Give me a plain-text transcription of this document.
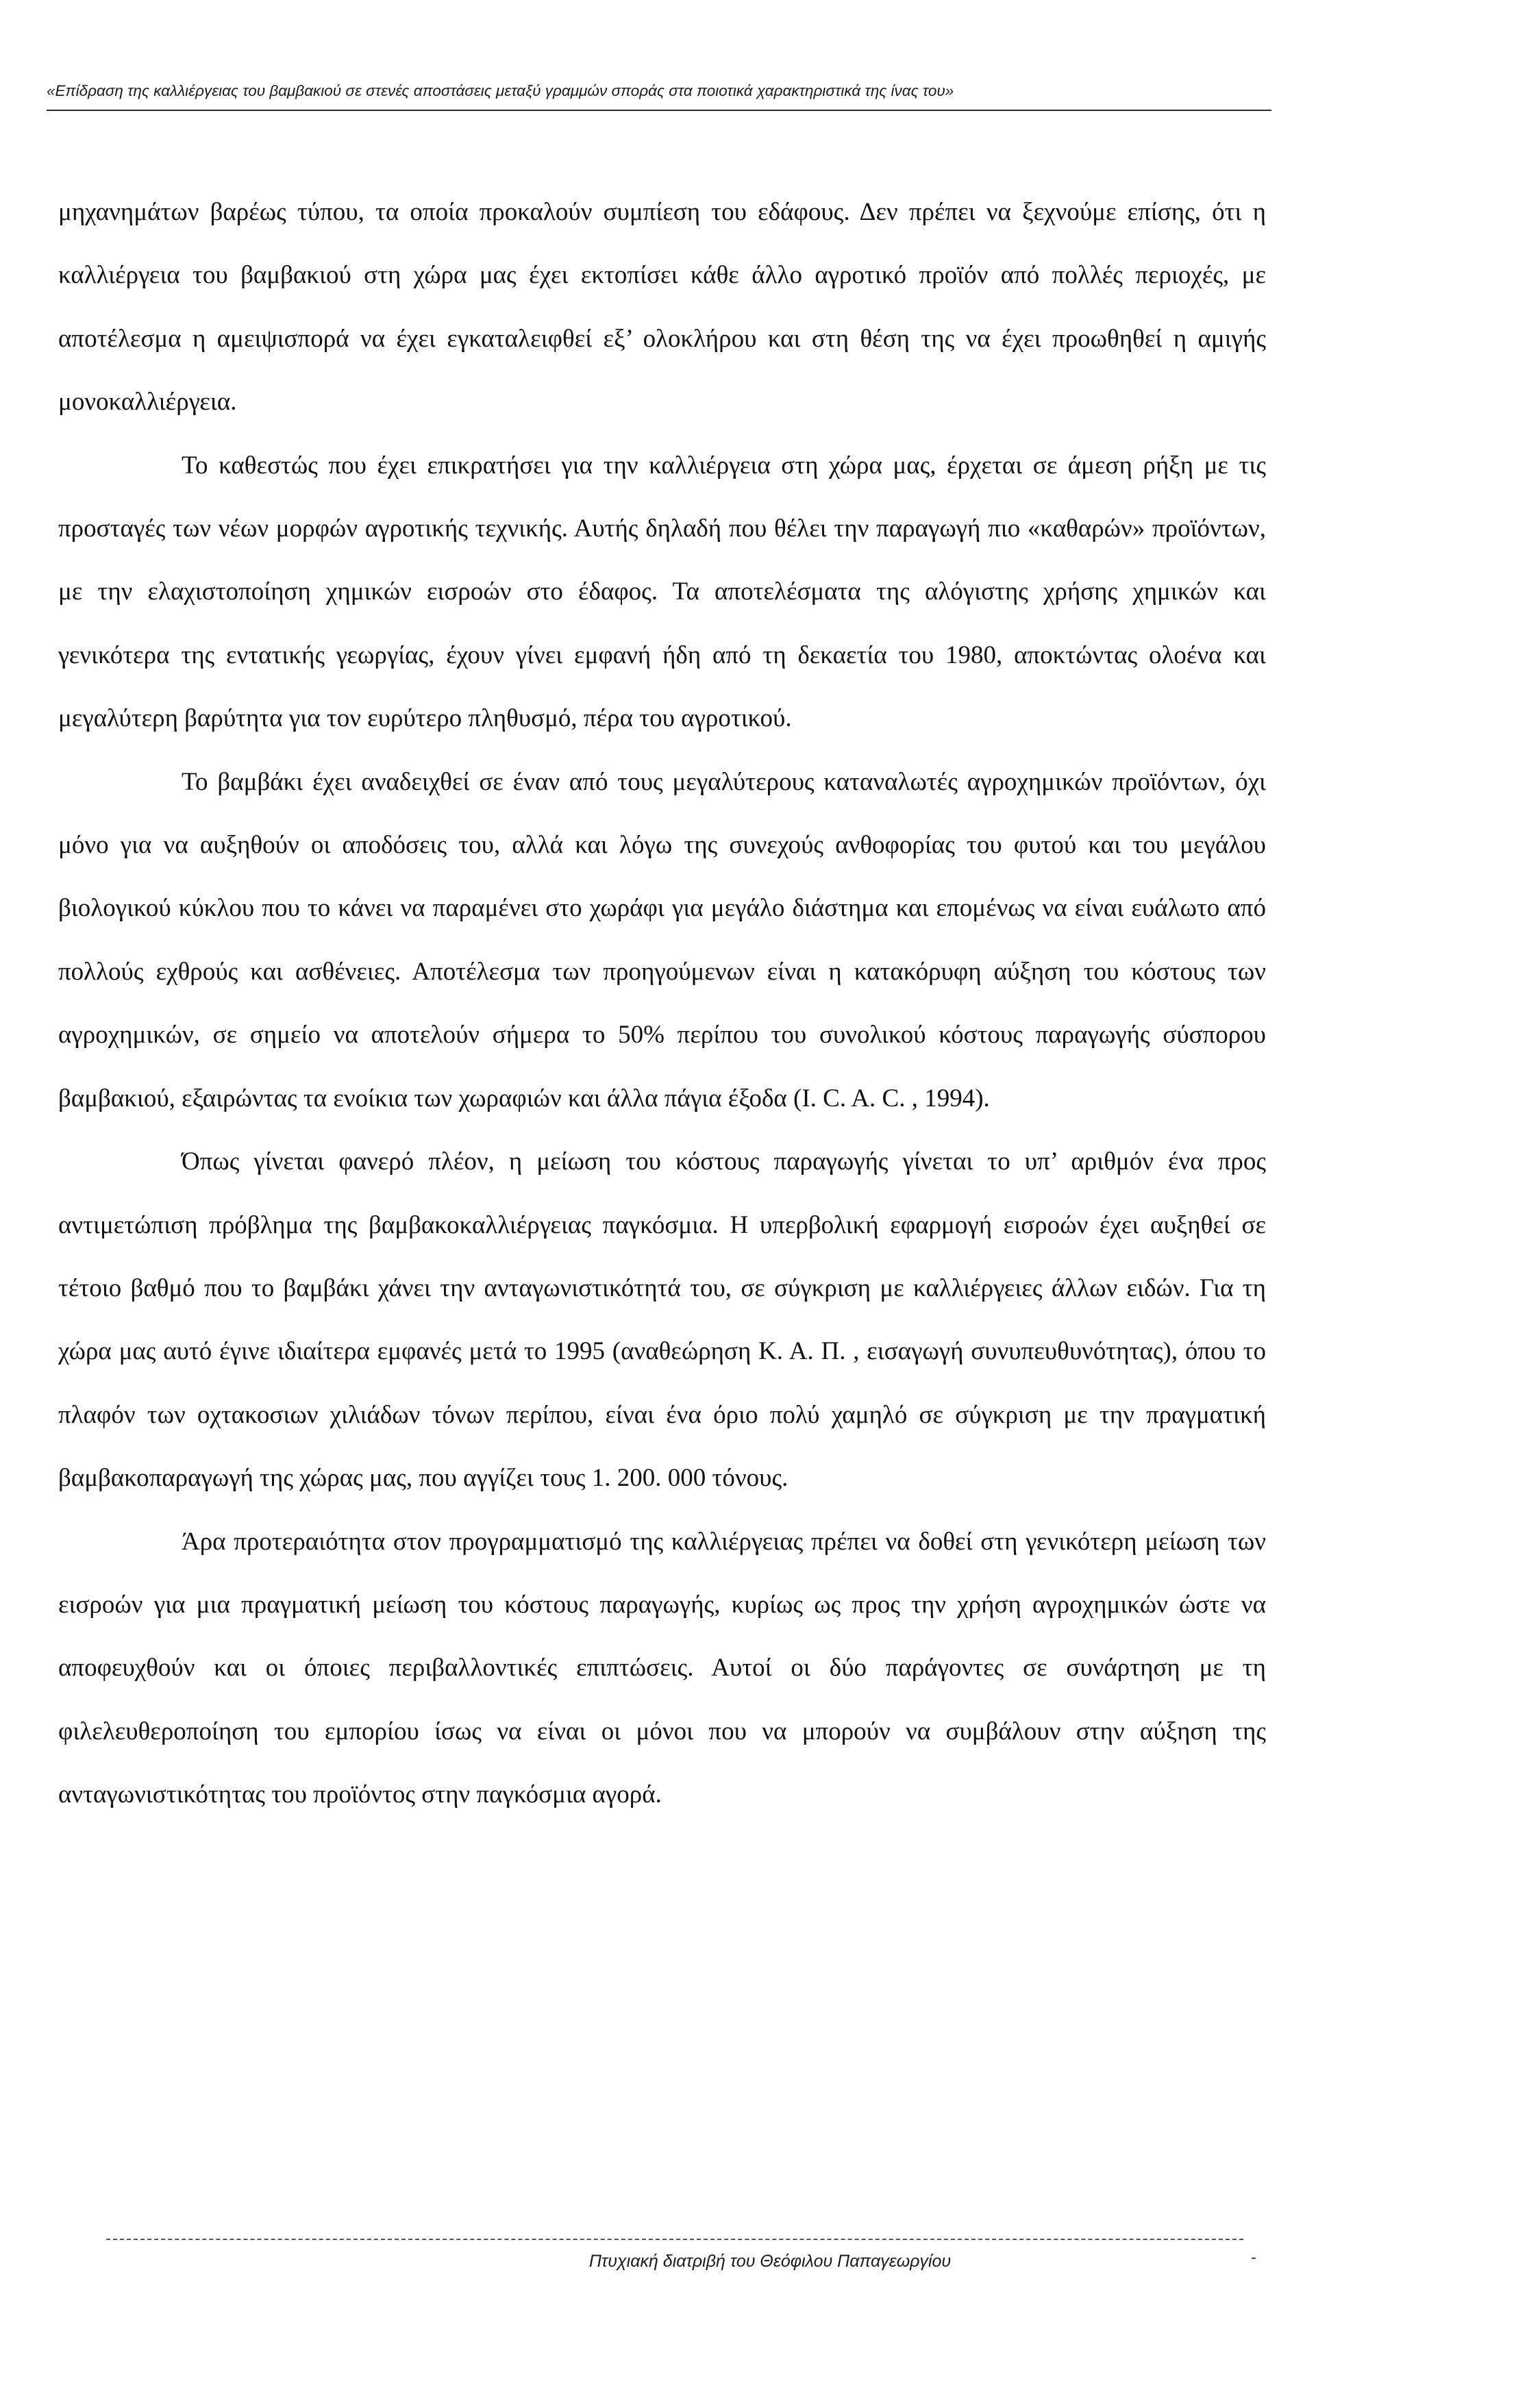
«Επίδραση της καλλιέργειας του βαμβακιού σε στενές αποστάσεις μεταξύ γραμμών σποράς στα ποιοτικά χαρακτηριστικά της ίνας του»

μηχανημάτων βαρέως τύπου, τα οποία προκαλούν συμπίεση του εδάφους. Δεν πρέπει να ξεχνούμε επίσης, ότι η καλλιέργεια του βαμβακιού στη χώρα μας έχει εκτοπίσει κάθε άλλο αγροτικό προϊόν από πολλές περιοχές, με αποτέλεσμα η αμειψισπορά να έχει εγκαταλειφθεί εξ’ ολοκλήρου και στη θέση της να έχει προωθηθεί η αμιγής μονοκαλλιέργεια.

Το καθεστώς που έχει επικρατήσει για την καλλιέργεια στη χώρα μας, έρχεται σε άμεση ρήξη με τις προσταγές των νέων μορφών αγροτικής τεχνικής. Αυτής δηλαδή που θέλει την παραγωγή πιο «καθαρών» προϊόντων, με την ελαχιστοποίηση χημικών εισροών στο έδαφος. Τα αποτελέσματα της αλόγιστης χρήσης χημικών και γενικότερα της εντατικής γεωργίας, έχουν γίνει εμφανή ήδη από τη δεκαετία του 1980, αποκτώντας ολοένα και μεγαλύτερη βαρύτητα για τον ευρύτερο πληθυσμό, πέρα του αγροτικού.

Το βαμβάκι έχει αναδειχθεί σε έναν από τους μεγαλύτερους καταναλωτές αγροχημικών προϊόντων, όχι μόνο για να αυξηθούν οι αποδόσεις του, αλλά και λόγω της συνεχούς ανθοφορίας του φυτού και του μεγάλου βιολογικού κύκλου που το κάνει να παραμένει στο χωράφι για μεγάλο διάστημα και επομένως να είναι ευάλωτο από πολλούς εχθρούς και ασθένειες. Αποτέλεσμα των προηγούμενων είναι η κατακόρυφη αύξηση του κόστους των αγροχημικών, σε σημείο να αποτελούν σήμερα το 50% περίπου του συνολικού κόστους παραγωγής σύσπορου βαμβακιού, εξαιρώντας τα ενοίκια των χωραφιών και άλλα πάγια έξοδα (I. C. A. C. , 1994).

Όπως γίνεται φανερό πλέον, η μείωση του κόστους παραγωγής γίνεται το υπ’ αριθμόν ένα προς αντιμετώπιση πρόβλημα της βαμβακοκαλλιέργειας παγκόσμια. Η υπερβολική εφαρμογή εισροών έχει αυξηθεί σε τέτοιο βαθμό που το βαμβάκι χάνει την ανταγωνιστικότητά του, σε σύγκριση με καλλιέργειες άλλων ειδών. Για τη χώρα μας αυτό έγινε ιδιαίτερα εμφανές μετά το 1995 (αναθεώρηση Κ. Α. Π. , εισαγωγή συνυπευθυνότητας), όπου το πλαφόν των οχτακοσιων χιλιάδων τόνων περίπου, είναι ένα όριο πολύ χαμηλό σε σύγκριση με την πραγματική βαμβακοπαραγωγή της χώρας μας, που αγγίζει τους 1. 200. 000 τόνους.

Άρα προτεραιότητα στον προγραμματισμό της καλλιέργειας πρέπει να δοθεί στη γενικότερη μείωση των εισροών για μια πραγματική μείωση του κόστους παραγωγής, κυρίως ως προς την χρήση αγροχημικών ώστε να αποφευχθούν και οι όποιες περιβαλλοντικές επιπτώσεις. Αυτοί οι δύο παράγοντες σε συνάρτηση με τη φιλελευθεροποίηση του εμπορίου ίσως να είναι οι μόνοι που να μπορούν να συμβάλουν στην αύξηση της ανταγωνιστικότητας του προϊόντος στην παγκόσμια αγορά.

Πτυχιακή διατριβή του Θεόφιλου Παπαγεωργίου	-
